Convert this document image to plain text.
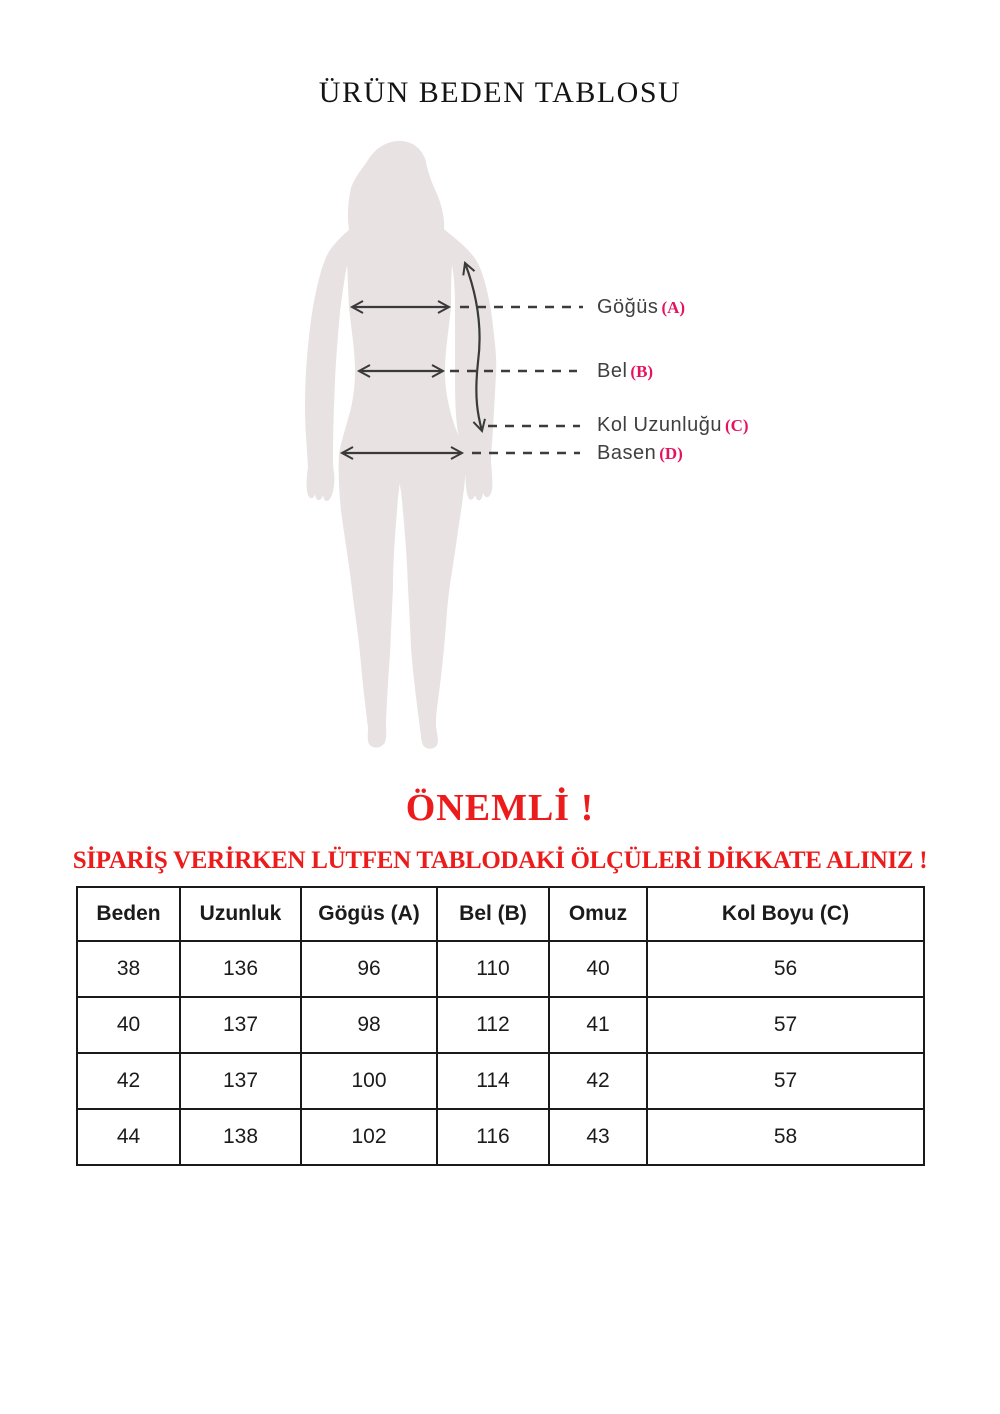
ÜRÜN BEDEN TABLOSU
Göğüs (A)
Bel (B)
Kol Uzunluğu (C)
Basen (D)
ÖNEMLİ !
SİPARİŞ VERİRKEN LÜTFEN TABLODAKİ ÖLÇÜLERİ DİKKATE ALINIZ !
Beden	Uzunluk	Gögüs (A)	Bel (B)	Omuz	Kol Boyu (C)
38	136	96	110	40	56
40	137	98	112	41	57
42	137	100	114	42	57
44	138	102	116	43	58
